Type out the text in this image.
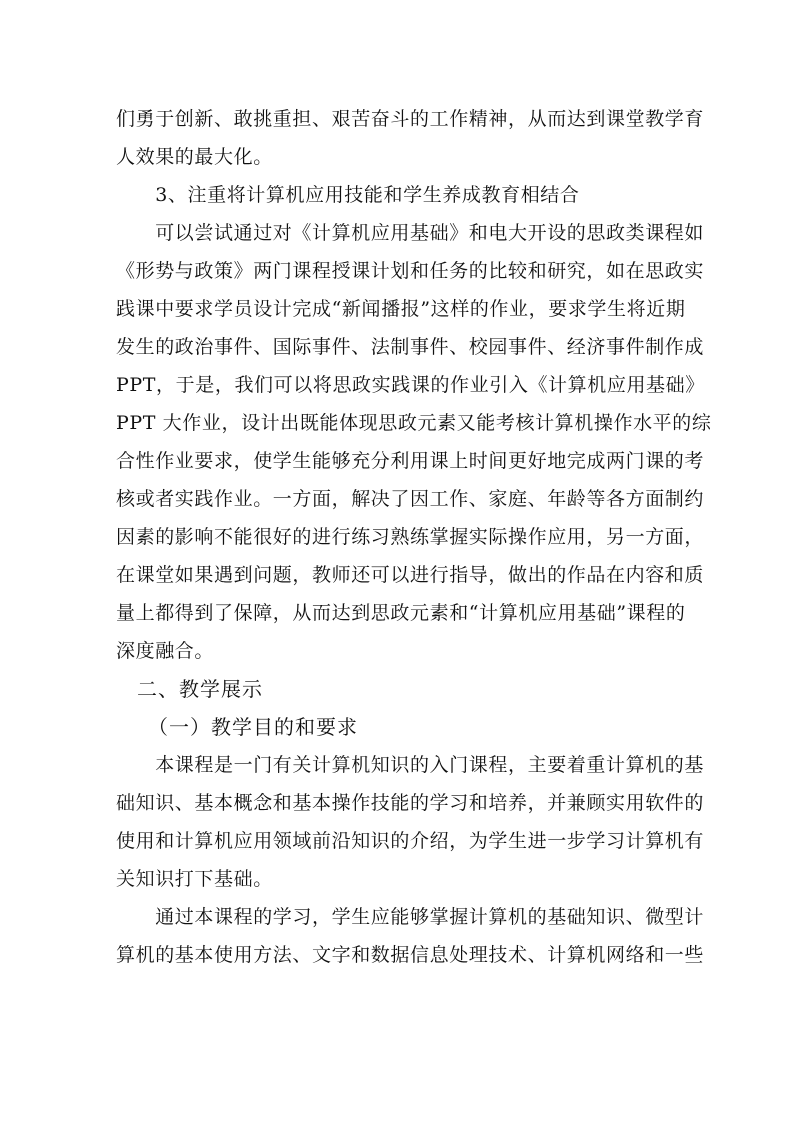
们勇于创新、敢挑重担、艰苦奋斗的工作精神，从而达到课堂教学育
人效果的最大化。

　　3、注重将计算机应用技能和学生养成教育相结合

　　可以尝试通过对《计算机应用基础》和电大开设的思政类课程如
《形势与政策》两门课程授课计划和任务的比较和研究，如在思政实
践课中要求学员设计完成“新闻播报”这样的作业，要求学生将近期
发生的政治事件、国际事件、法制事件、校园事件、经济事件制作成
PPT，于是，我们可以将思政实践课的作业引入《计算机应用基础》
PPT 大作业，设计出既能体现思政元素又能考核计算机操作水平的综
合性作业要求，使学生能够充分利用课上时间更好地完成两门课的考
核或者实践作业。一方面，解决了因工作、家庭、年龄等各方面制约
因素的影响不能很好的进行练习熟练掌握实际操作应用，另一方面，
在课堂如果遇到问题，教师还可以进行指导，做出的作品在内容和质
量上都得到了保障，从而达到思政元素和“计算机应用基础”课程的
深度融合。

　二、教学展示

　　（一）教学目的和要求

　　本课程是一门有关计算机知识的入门课程，主要着重计算机的基
础知识、基本概念和基本操作技能的学习和培养，并兼顾实用软件的
使用和计算机应用领域前沿知识的介绍，为学生进一步学习计算机有
关知识打下基础。

　　通过本课程的学习，学生应能够掌握计算机的基础知识、微型计
算机的基本使用方法、文字和数据信息处理技术、计算机网络和一些
